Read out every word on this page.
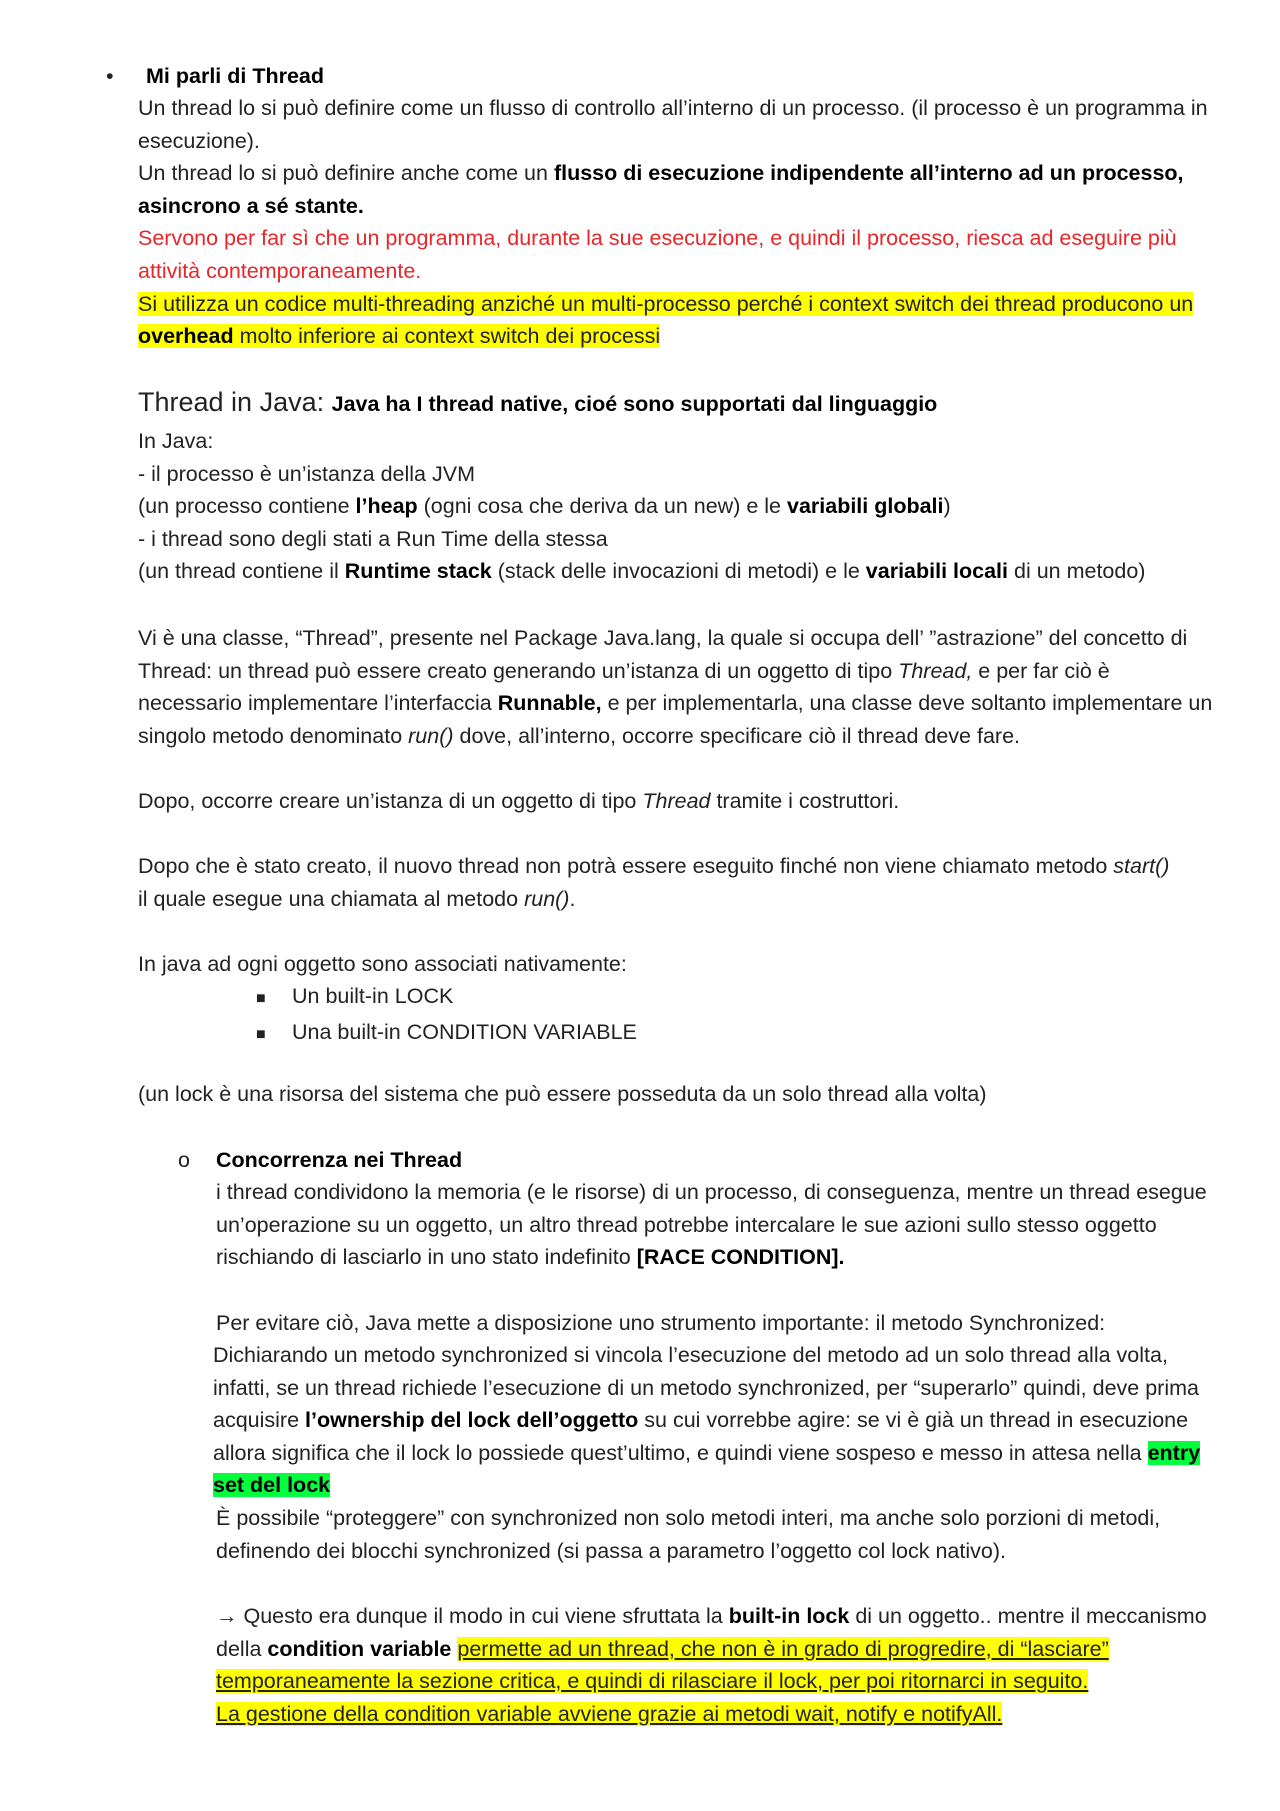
• Mi parli di Thread

Un thread lo si può definire come un flusso di controllo all’interno di un processo. (il processo è un programma in esecuzione).

Un thread lo si può definire anche come un flusso di esecuzione indipendente all’interno ad un processo, asincrono a sé stante.

Servono per far sì che un programma, durante la sue esecuzione, e quindi il processo, riesca ad eseguire più attività contemporaneamente.

Si utilizza un codice multi-threading anziché un multi-processo perché i context switch dei thread producono un overhead molto inferiore ai context switch dei processi

Thread in Java: Java ha I thread native, cioé sono supportati dal linguaggio

In Java:

- il processo è un’istanza della JVM

(un processo contiene l’heap (ogni cosa che deriva da un new) e le variabili globali)

- i thread sono degli stati a Run Time della stessa

(un thread contiene il Runtime stack (stack delle invocazioni di metodi) e le variabili locali di un metodo)

Vi è una classe, “Thread”, presente nel Package Java.lang, la quale si occupa dell’ ”astrazione” del concetto di Thread: un thread può essere creato generando un’istanza di un oggetto di tipo Thread, e per far ciò è necessario implementare l’interfaccia Runnable, e per implementarla, una classe deve soltanto implementare un singolo metodo denominato run() dove, all’interno, occorre specificare ciò il thread deve fare.

Dopo, occorre creare un’istanza di un oggetto di tipo Thread tramite i costruttori.

Dopo che è stato creato, il nuovo thread non potrà essere eseguito finché non viene chiamato metodo start() il quale esegue una chiamata al metodo run().

In java ad ogni oggetto sono associati nativamente:

■ Un built-in LOCK

■ Una built-in CONDITION VARIABLE

(un lock è una risorsa del sistema che può essere posseduta da un solo thread alla volta)

o Concorrenza nei Thread

i thread condividono la memoria (e le risorse) di un processo, di conseguenza, mentre un thread esegue un’operazione su un oggetto, un altro thread potrebbe intercalare le sue azioni sullo stesso oggetto rischiando di lasciarlo in uno stato indefinito [RACE CONDITION].

Per evitare ciò, Java mette a disposizione uno strumento importante: il metodo Synchronized:

Dichiarando un metodo synchronized si vincola l’esecuzione del metodo ad un solo thread alla volta, infatti, se un thread richiede l’esecuzione di un metodo synchronized, per “superarlo” quindi, deve prima acquisire l’ownership del lock dell’oggetto su cui vorrebbe agire: se vi è già un thread in esecuzione allora significa che il lock lo possiede quest’ultimo, e quindi viene sospeso e messo in attesa nella entry set del lock

È possibile “proteggere” con synchronized non solo metodi interi, ma anche solo porzioni di metodi, definendo dei blocchi synchronized (si passa a parametro l’oggetto col lock nativo).

→ Questo era dunque il modo in cui viene sfruttata la built-in lock di un oggetto.. mentre il meccanismo della condition variable permette ad un thread, che non è in grado di progredire, di “lasciare” temporaneamente la sezione critica, e quindi di rilasciare il lock, per poi ritornarci in seguito.

La gestione della condition variable avviene grazie ai metodi wait, notify e notifyAll.
